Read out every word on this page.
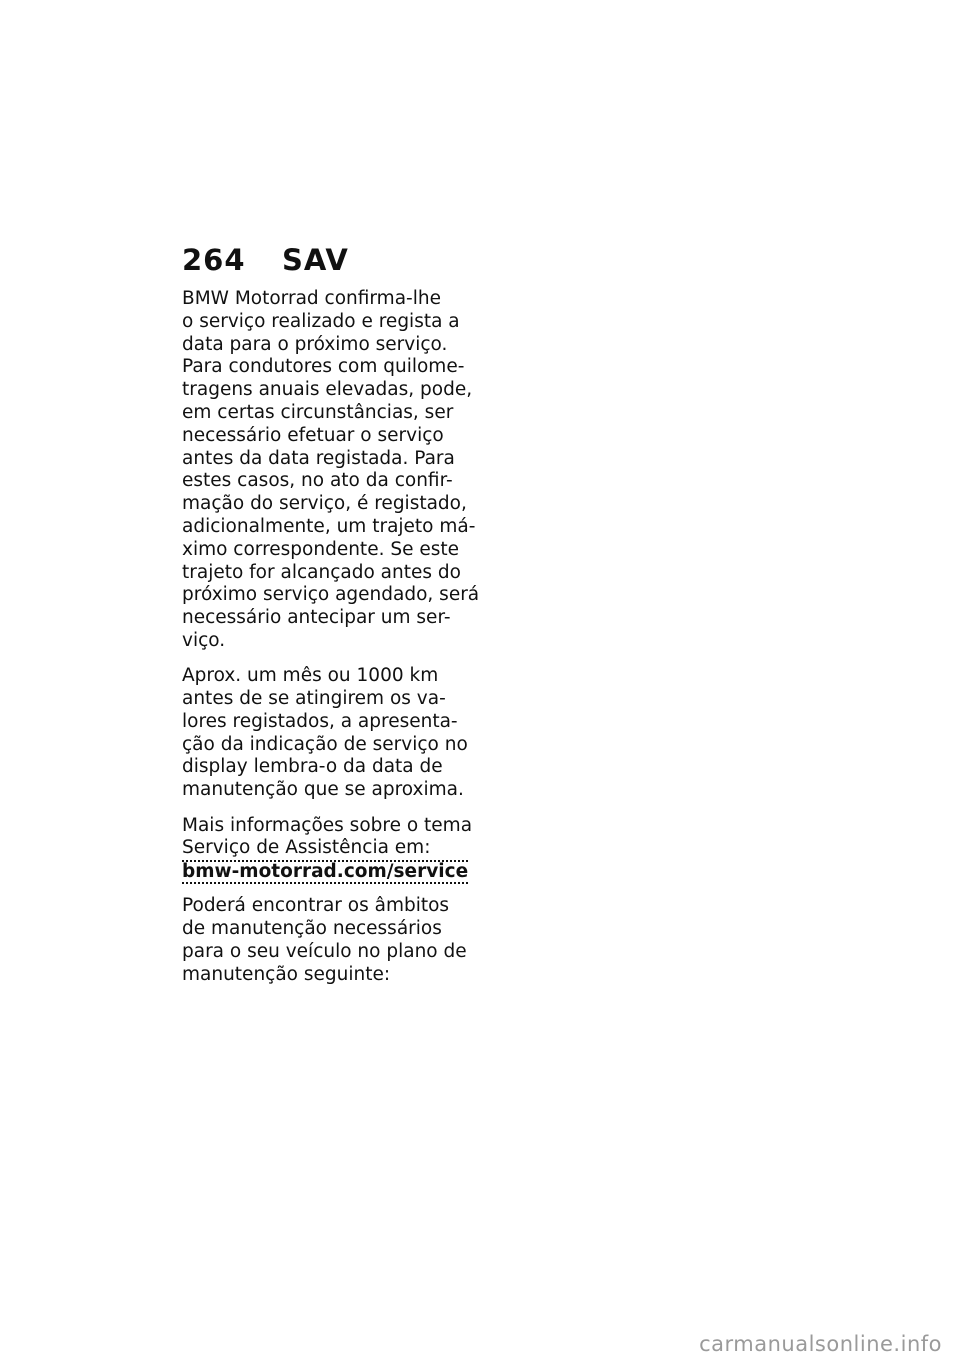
264 SAV
BMW Motorrad confirma-lhe
o serviço realizado e regista a
data para o próximo serviço.
Para condutores com quilome-
tragens anuais elevadas, pode,
em certas circunstâncias, ser
necessário efetuar o serviço
antes da data registada. Para
estes casos, no ato da confir-
mação do serviço, é registado,
adicionalmente, um trajeto má-
ximo correspondente. Se este
trajeto for alcançado antes do
próximo serviço agendado, será
necessário antecipar um ser-
viço.
Aprox. um mês ou 1000 km
antes de se atingirem os va-
lores registados, a apresenta-
ção da indicação de serviço no
display lembra-o da data de
manutenção que se aproxima.
Mais informações sobre o tema
Serviço de Assistência em:
bmw-motorrad.com/service
Poderá encontrar os âmbitos
de manutenção necessários
para o seu veículo no plano de
manutenção seguinte:
carmanualsonline.info
